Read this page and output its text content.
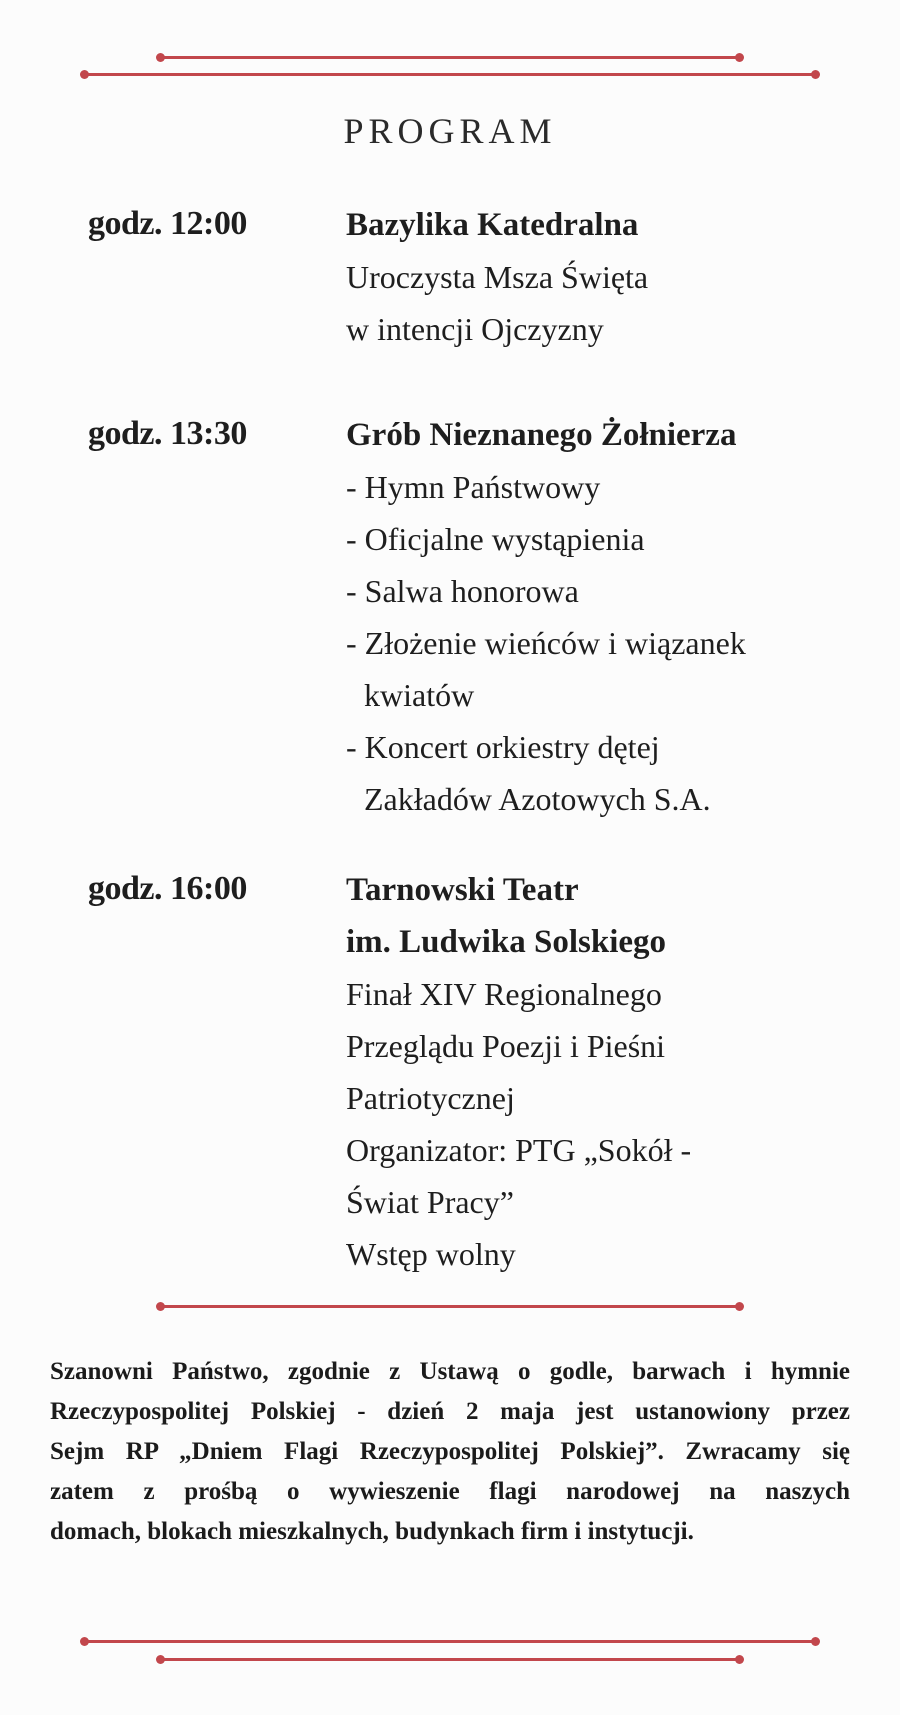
PROGRAM
godz. 12:00	Bazylika Katedralna
Uroczysta Msza Święta
w intencji Ojczyzny
godz. 13:30	Grób Nieznanego Żołnierza
- Hymn Państwowy
- Oficjalne wystąpienia
- Salwa honorowa
- Złożenie wieńców i wiązanek
kwiatów
- Koncert orkiestry dętej
Zakładów Azotowych S.A.
godz. 16:00	Tarnowski Teatr
im. Ludwika Solskiego
Finał XIV Regionalnego
Przeglądu Poezji i Pieśni
Patriotycznej
Organizator: PTG „Sokół -
Świat Pracy”
Wstęp wolny
Szanowni Państwo, zgodnie z Ustawą o godle, barwach i hymnie
Rzeczypospolitej Polskiej - dzień 2 maja jest ustanowiony przez
Sejm RP „Dniem Flagi Rzeczypospolitej Polskiej”. Zwracamy się
zatem z prośbą o wywieszenie flagi narodowej na naszych
domach, blokach mieszkalnych, budynkach firm i instytucji.
